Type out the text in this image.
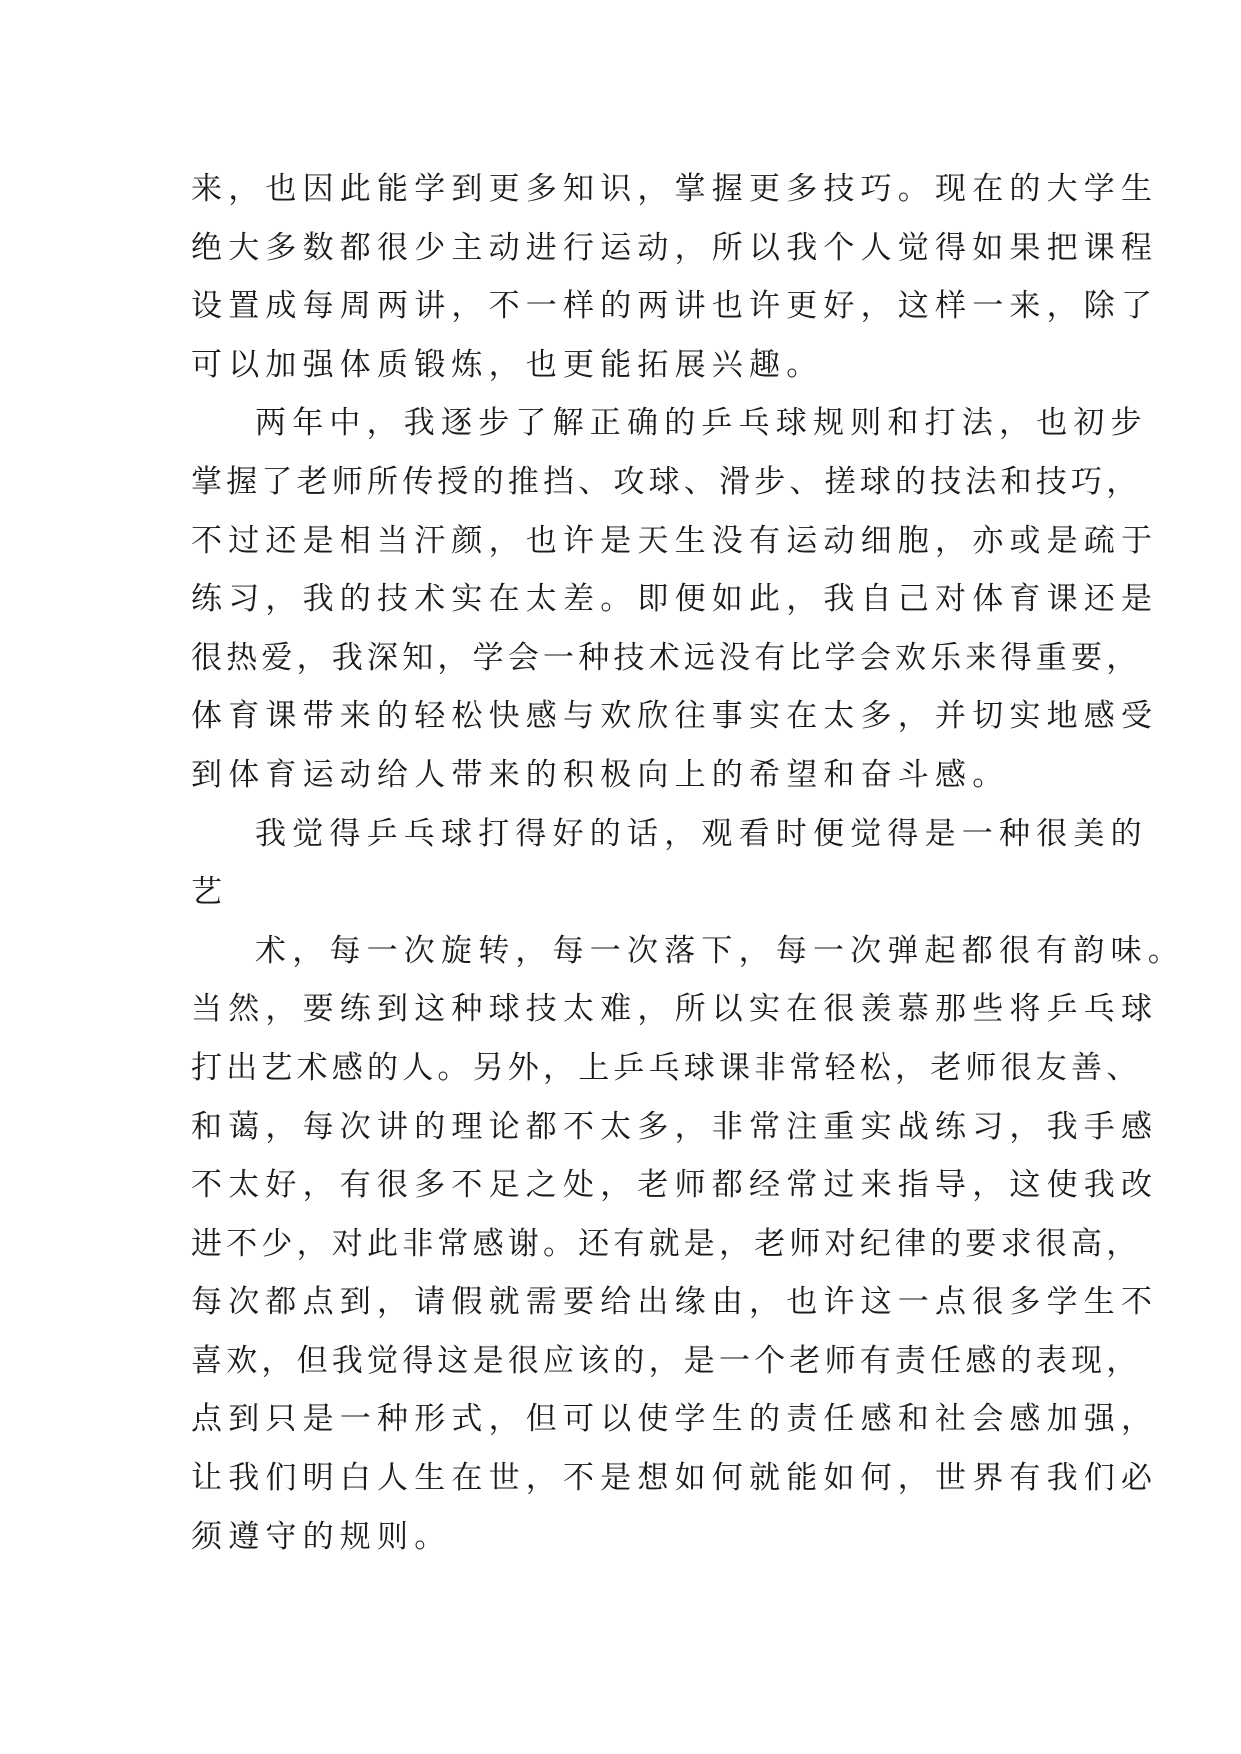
来，也因此能学到更多知识，掌握更多技巧。现在的大学生
绝大多数都很少主动进行运动，所以我个人觉得如果把课程
设置成每周两讲，不一样的两讲也许更好，这样一来，除了
可以加强体质锻炼，也更能拓展兴趣。
两年中，我逐步了解正确的乒乓球规则和打法，也初步
掌握了老师所传授的推挡、攻球、滑步、搓球的技法和技巧，
不过还是相当汗颜，也许是天生没有运动细胞，亦或是疏于
练习，我的技术实在太差。即便如此，我自己对体育课还是
很热爱，我深知，学会一种技术远没有比学会欢乐来得重要，
体育课带来的轻松快感与欢欣往事实在太多，并切实地感受
到体育运动给人带来的积极向上的希望和奋斗感。
我觉得乒乓球打得好的话，观看时便觉得是一种很美的
艺
术，每一次旋转，每一次落下，每一次弹起都很有韵味。
当然，要练到这种球技太难，所以实在很羡慕那些将乒乓球
打出艺术感的人。另外，上乒乓球课非常轻松，老师很友善、
和蔼，每次讲的理论都不太多，非常注重实战练习，我手感
不太好，有很多不足之处，老师都经常过来指导，这使我改
进不少，对此非常感谢。还有就是，老师对纪律的要求很高，
每次都点到，请假就需要给出缘由，也许这一点很多学生不
喜欢，但我觉得这是很应该的，是一个老师有责任感的表现，
点到只是一种形式，但可以使学生的责任感和社会感加强，
让我们明白人生在世，不是想如何就能如何，世界有我们必
须遵守的规则。
